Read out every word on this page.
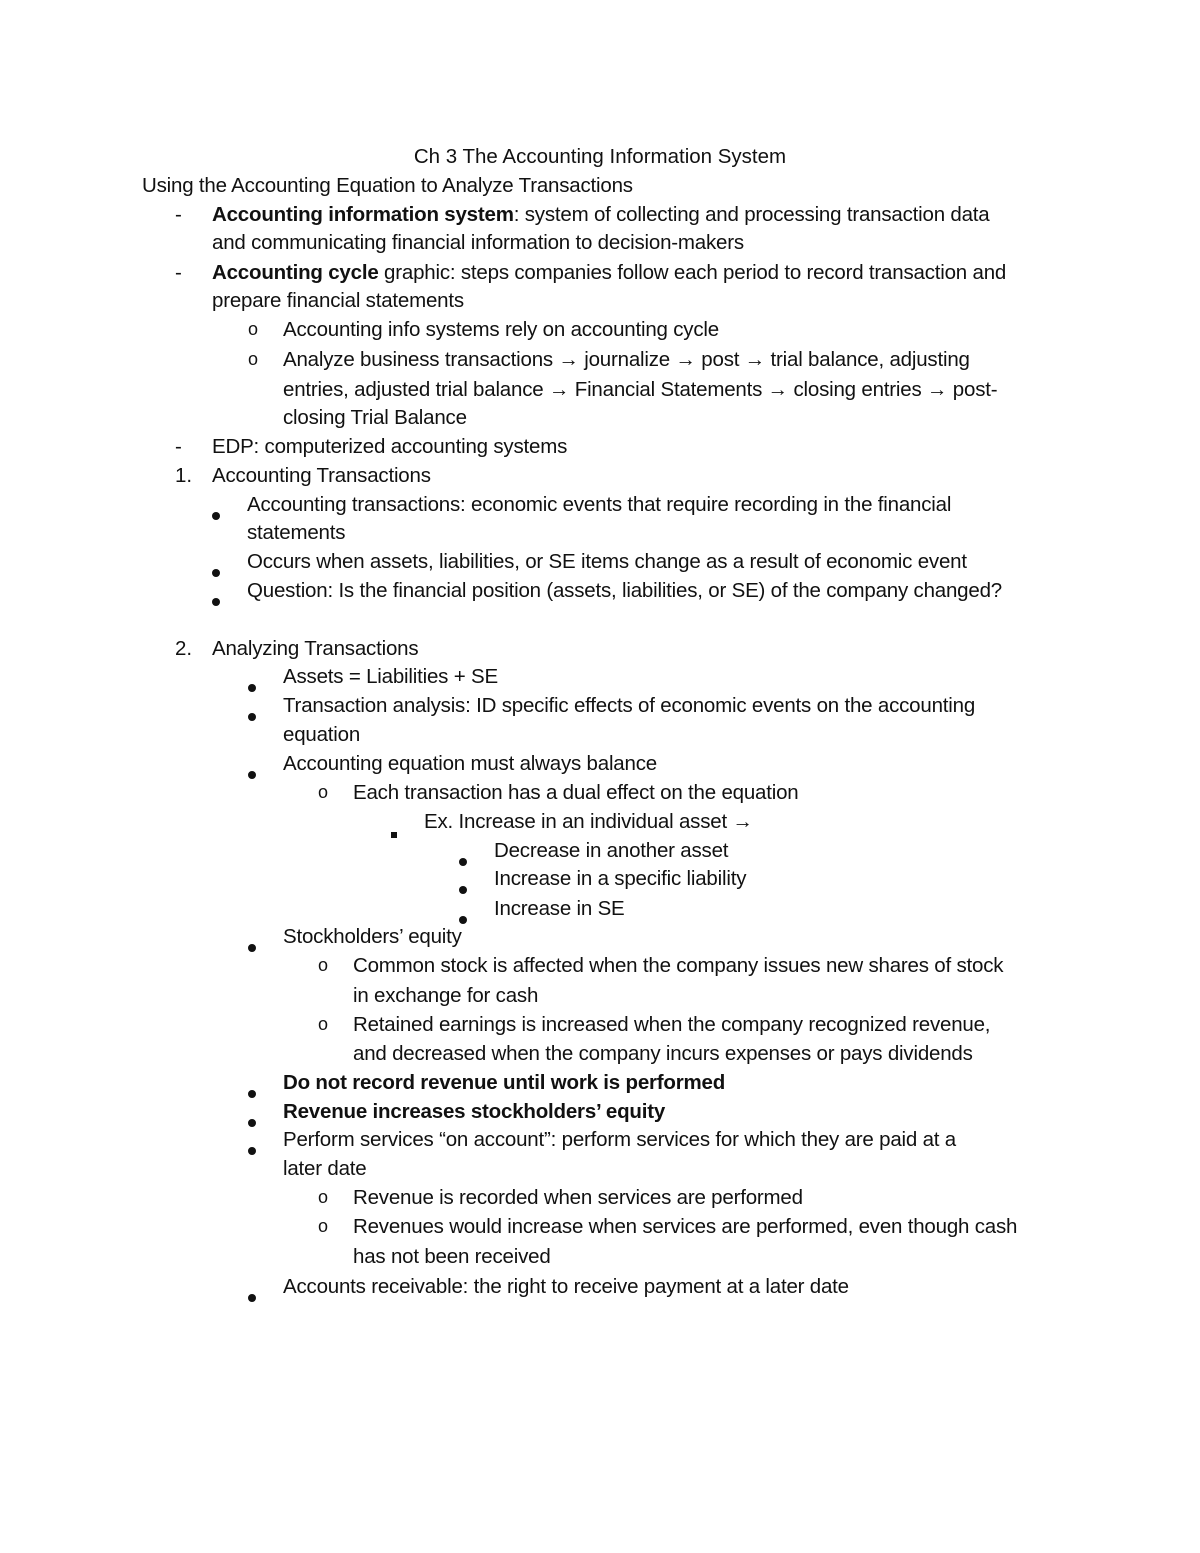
Ch 3 The Accounting Information System
Using the Accounting Equation to Analyze Transactions
- Accounting information system: system of collecting and processing transaction data
and communicating financial information to decision-makers
- Accounting cycle graphic: steps companies follow each period to record transaction and
prepare financial statements
o Accounting info systems rely on accounting cycle
o Analyze business transactions → journalize → post → trial balance, adjusting
entries, adjusted trial balance → Financial Statements → closing entries → post-
closing Trial Balance
- EDP: computerized accounting systems
1. Accounting Transactions
Accounting transactions: economic events that require recording in the financial
statements
Occurs when assets, liabilities, or SE items change as a result of economic event
Question: Is the financial position (assets, liabilities, or SE) of the company changed?
2. Analyzing Transactions
Assets = Liabilities + SE
Transaction analysis: ID specific effects of economic events on the accounting
equation
Accounting equation must always balance
o Each transaction has a dual effect on the equation
Ex. Increase in an individual asset →
Decrease in another asset
Increase in a specific liability
Increase in SE
Stockholders’ equity
o Common stock is affected when the company issues new shares of stock
in exchange for cash
o Retained earnings is increased when the company recognized revenue,
and decreased when the company incurs expenses or pays dividends
Do not record revenue until work is performed
Revenue increases stockholders’ equity
Perform services “on account”: perform services for which they are paid at a
later date
o Revenue is recorded when services are performed
o Revenues would increase when services are performed, even though cash
has not been received
Accounts receivable: the right to receive payment at a later date
